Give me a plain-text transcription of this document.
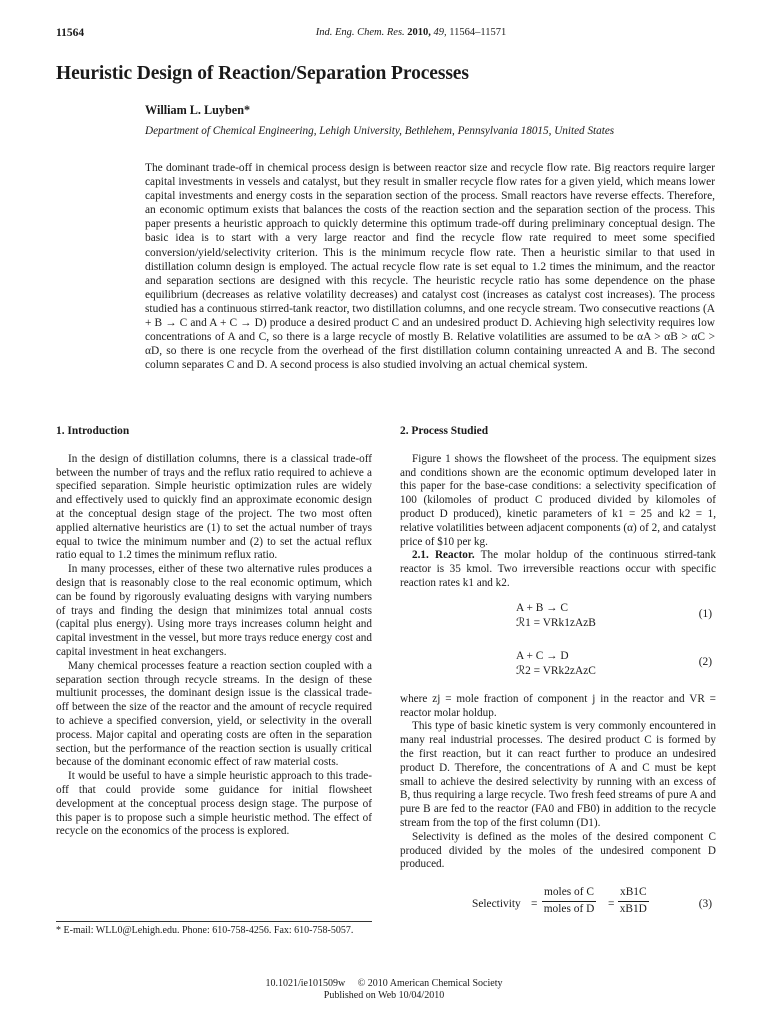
11564	Ind. Eng. Chem. Res. 2010, 49, 11564–11571
Heuristic Design of Reaction/Separation Processes
William L. Luyben*
Department of Chemical Engineering, Lehigh University, Bethlehem, Pennsylvania 18015, United States

The dominant trade-off in chemical process design is between reactor size and recycle flow rate. Big reactors require larger capital investments in vessels and catalyst, but they result in smaller recycle flow rates for a given yield, which means lower capital investments and energy costs in the separation section of the process. Small reactors have reverse effects. Therefore, an economic optimum exists that balances the costs of the reaction section and the separation section of the process. This paper presents a heuristic approach to quickly determine this optimum trade-off during preliminary conceptual design. The basic idea is to start with a very large reactor and find the recycle flow rate required to meet some specified conversion/yield/selectivity criterion. This is the minimum recycle flow rate. Then a heuristic similar to that used in distillation column design is employed. The actual recycle flow rate is set equal to 1.2 times the minimum, and the reactor and separation sections are designed with this recycle. The heuristic recycle ratio has some dependence on the phase equilibrium (decreases as relative volatility decreases) and catalyst cost (increases as catalyst cost increases). The process studied has a continuous stirred-tank reactor, two distillation columns, and one recycle stream. Two consecutive reactions (A + B → C and A + C → D) produce a desired product C and an undesired product D. Achieving high selectivity requires low concentrations of A and C, so there is a large recycle of mostly B. Relative volatilities are assumed to be αA > αB > αC > αD, so there is one recycle from the overhead of the first distillation column containing unreacted A and B. The second column separates C and D. A second process is also studied involving an actual chemical system.

1. Introduction

In the design of distillation columns, there is a classical trade-off between the number of trays and the reflux ratio required to achieve a specified separation. Simple heuristic optimization rules are widely and effectively used to quickly find an approximate economic design at the conceptual design stage of the project. The two most often applied alternative heuristics are (1) to set the actual number of trays equal to twice the minimum number and (2) to set the actual reflux ratio equal to 1.2 times the minimum reflux ratio.

In many processes, either of these two alternative rules produces a design that is reasonably close to the real economic optimum, which can be found by rigorously evaluating designs with varying numbers of trays and finding the design that minimizes total annual costs (capital plus energy). Using more trays increases column height and capital investment in the vessel, but more trays reduce energy cost and capital investment in heat exchangers.

Many chemical processes feature a reaction section coupled with a separation section through recycle streams. In the design of these multiunit processes, the dominant design issue is the classical trade-off between the size of the reactor and the amount of recycle required to achieve a specified conversion, yield, or selectivity in the overall process. Major capital and operating costs are often in the separation section, but the performance of the reaction section is usually critical because of the dominant economic effect of raw material costs.

It would be useful to have a simple heuristic approach to this trade-off that could provide some guidance for initial flowsheet development at the conceptual process design stage. The purpose of this paper is to propose such a simple heuristic method. The effect of recycle on the economics of the process is explored.

* E-mail: WLL0@Lehigh.edu. Phone: 610-758-4256. Fax: 610-758-5057.
2. Process Studied

Figure 1 shows the flowsheet of the process. The equipment sizes and conditions shown are the economic optimum developed later in this paper for the base-case conditions: a selectivity specification of 100 (kilomoles of product C produced divided by kilomoles of product D produced), kinetic parameters of k1 = 25 and k2 = 1, relative volatilities between adjacent components (α) of 2, and catalyst price of $10 per kg.

2.1. Reactor. The molar holdup of the continuous stirred-tank reactor is 35 kmol. Two irreversible reactions occur with specific reaction rates k1 and k2.

A + B → C
ℛ1 = VRk1zAzB
(1)
A + C → D
ℛ2 = VRk2zAzC
(2)

where zj = mole fraction of component j in the reactor and VR = reactor molar holdup.

This type of basic kinetic system is very commonly encountered in many real industrial processes. The desired product C is formed by the first reaction, but it can react further to produce an undesired product D. Therefore, the concentrations of A and C must be kept small to achieve the desired selectivity by running with an excess of B, thus requiring a large recycle. Two fresh feed streams of pure A and pure B are fed to the reactor (FA0 and FB0) in addition to the recycle stream from the top of the first column (D1).

Selectivity is defined as the moles of the desired component C produced divided by the moles of the undesired component D produced.

Selectivity =
moles of C
moles of $D = \frac{xB1C}{xB1D}$	(3)
10.1021/ie101509w © 2010 American Chemical Society
Published on Web 10/04/2010
